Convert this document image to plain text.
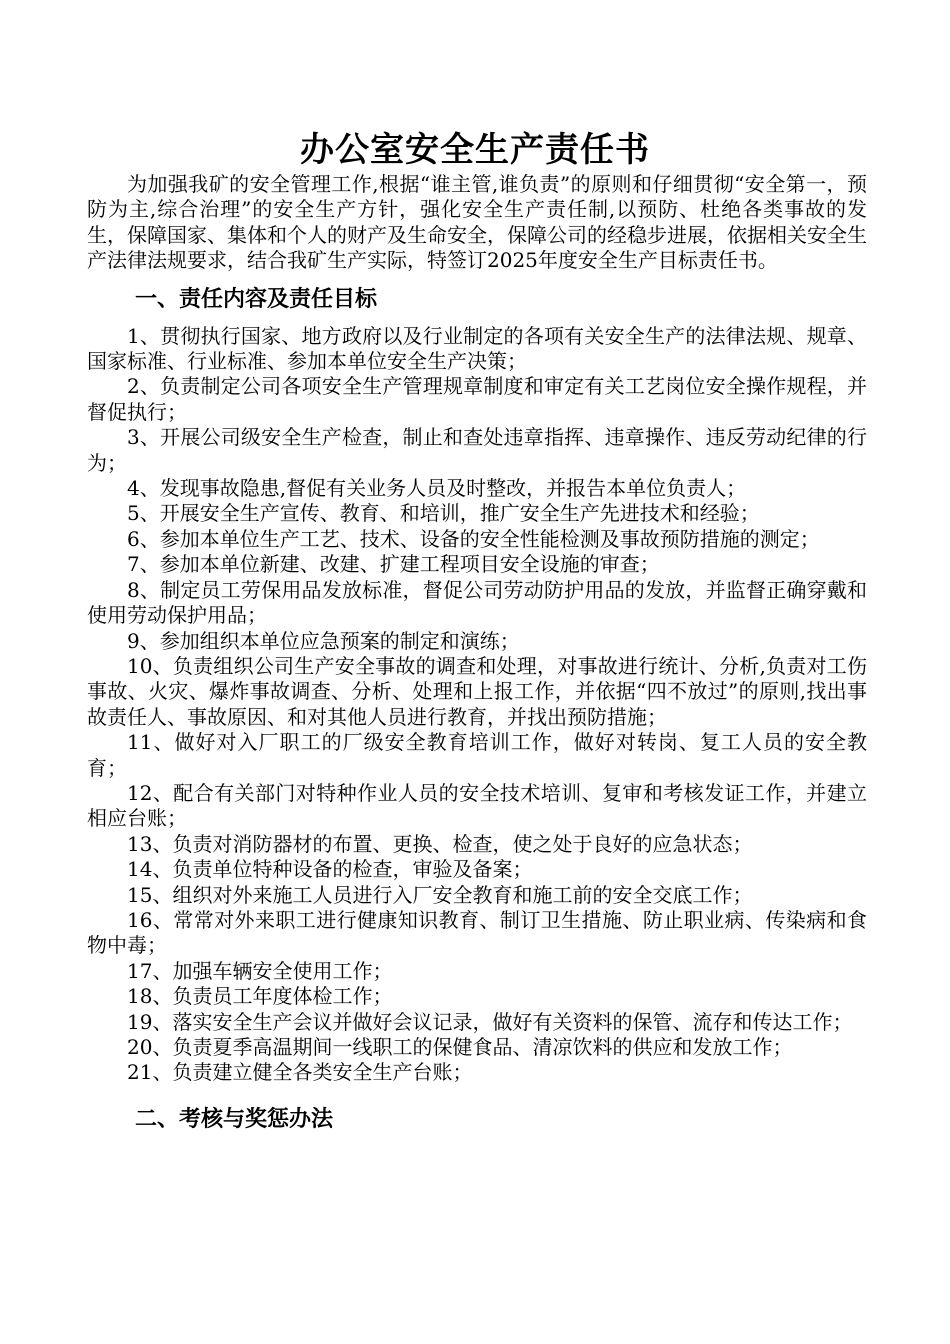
办公室安全生产责任书

为加强我矿的安全管理工作,根据“谁主管,谁负责”的原则和仔细贯彻“安全第一，预防为主,综合治理”的安全生产方针，强化安全生产责任制,以预防、杜绝各类事故的发生，保障国家、集体和个人的财产及生命安全，保障公司的经稳步进展，依据相关安全生产法律法规要求，结合我矿生产实际，特签订2025年度安全生产目标责任书。

一、责任内容及责任目标

1、贯彻执行国家、地方政府以及行业制定的各项有关安全生产的法律法规、规章、国家标准、行业标准、参加本单位安全生产决策；

2、负责制定公司各项安全生产管理规章制度和审定有关工艺岗位安全操作规程，并督促执行；

3、开展公司级安全生产检查，制止和查处违章指挥、违章操作、违反劳动纪律的行为；

4、发现事故隐患,督促有关业务人员及时整改，并报告本单位负责人；

5、开展安全生产宣传、教育、和培训，推广安全生产先进技术和经验；

6、参加本单位生产工艺、技术、设备的安全性能检测及事故预防措施的测定；

7、参加本单位新建、改建、扩建工程项目安全设施的审查；

8、制定员工劳保用品发放标准，督促公司劳动防护用品的发放，并监督正确穿戴和使用劳动保护用品；

9、参加组织本单位应急预案的制定和演练；

10、负责组织公司生产安全事故的调查和处理，对事故进行统计、分析,负责对工伤事故、火灾、爆炸事故调查、分析、处理和上报工作，并依据“四不放过”的原则,找出事故责任人、事故原因、和对其他人员进行教育，并找出预防措施；

11、做好对入厂职工的厂级安全教育培训工作，做好对转岗、复工人员的安全教育；

12、配合有关部门对特种作业人员的安全技术培训、复审和考核发证工作，并建立相应台账；

13、负责对消防器材的布置、更换、检查，使之处于良好的应急状态；

14、负责单位特种设备的检查，审验及备案；

15、组织对外来施工人员进行入厂安全教育和施工前的安全交底工作；

16、常常对外来职工进行健康知识教育、制订卫生措施、防止职业病、传染病和食物中毒；

17、加强车辆安全使用工作；

18、负责员工年度体检工作；

19、落实安全生产会议并做好会议记录，做好有关资料的保管、流存和传达工作；

20、负责夏季高温期间一线职工的保健食品、清凉饮料的供应和发放工作；

21、负责建立健全各类安全生产台账；

二、考核与奖惩办法
